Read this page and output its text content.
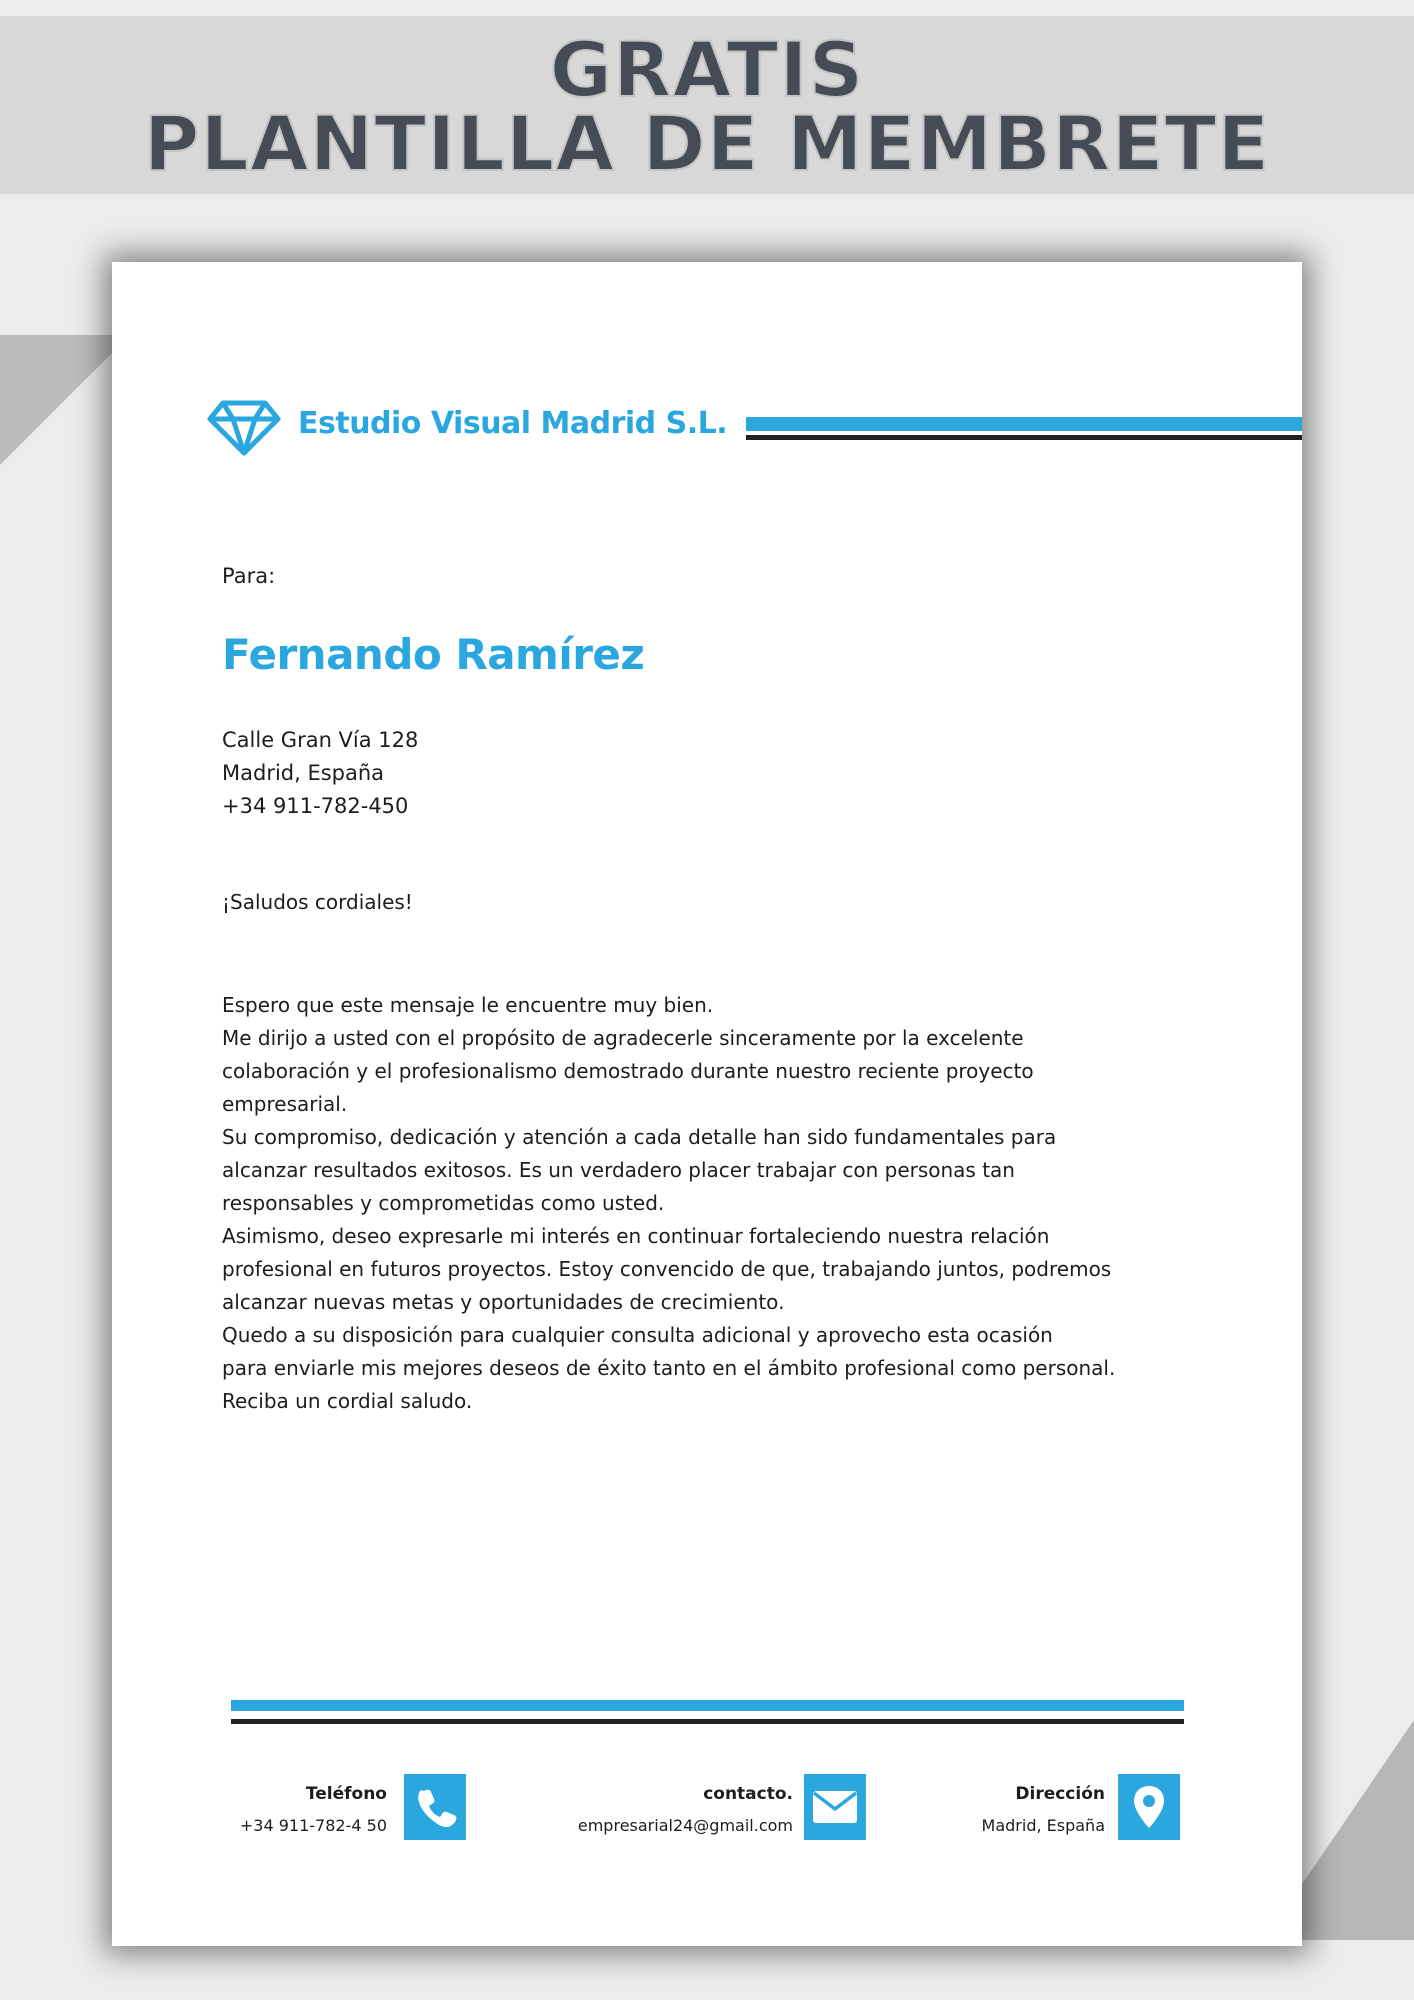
GRATIS
PLANTILLA DE MEMBRETE
Estudio Visual Madrid S.L.
Para:
Fernando Ramírez
Calle Gran Vía 128
Madrid, España
+34 911-782-450
¡Saludos cordiales!
Espero que este mensaje le encuentre muy bien.
Me dirijo a usted con el propósito de agradecerle sinceramente por la excelente
colaboración y el profesionalismo demostrado durante nuestro reciente proyecto
empresarial.
Su compromiso, dedicación y atención a cada detalle han sido fundamentales para
alcanzar resultados exitosos. Es un verdadero placer trabajar con personas tan
responsables y comprometidas como usted.
Asimismo, deseo expresarle mi interés en continuar fortaleciendo nuestra relación
profesional en futuros proyectos. Estoy convencido de que, trabajando juntos, podremos
alcanzar nuevas metas y oportunidades de crecimiento.
Quedo a su disposición para cualquier consulta adicional y aprovecho esta ocasión
para enviarle mis mejores deseos de éxito tanto en el ámbito profesional como personal.
Reciba un cordial saludo.
Teléfono
+34 911-782-4 50
contacto.
empresarial24@gmail.com
Dirección
Madrid, España
